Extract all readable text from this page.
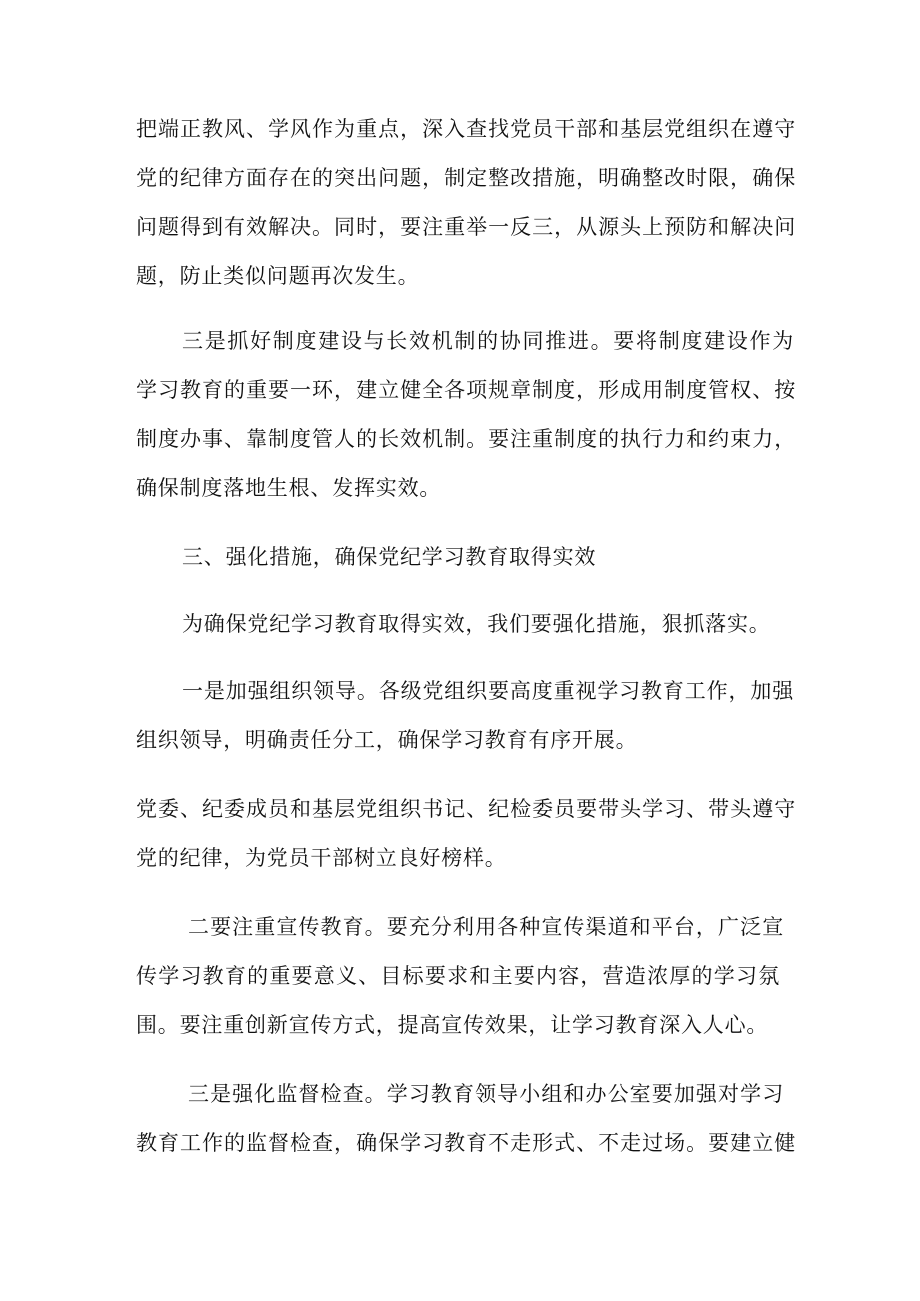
把端正教风、学风作为重点，深入查找党员干部和基层党组织在遵守
党的纪律方面存在的突出问题，制定整改措施，明确整改时限，确保
问题得到有效解决。同时，要注重举一反三，从源头上预防和解决问
题，防止类似问题再次发生。
三是抓好制度建设与长效机制的协同推进。要将制度建设作为
学习教育的重要一环，建立健全各项规章制度，形成用制度管权、按
制度办事、靠制度管人的长效机制。要注重制度的执行力和约束力，
确保制度落地生根、发挥实效。
三、强化措施，确保党纪学习教育取得实效
为确保党纪学习教育取得实效，我们要强化措施，狠抓落实。
一是加强组织领导。各级党组织要高度重视学习教育工作，加强
组织领导，明确责任分工，确保学习教育有序开展。
党委、纪委成员和基层党组织书记、纪检委员要带头学习、带头遵守
党的纪律，为党员干部树立良好榜样。
二要注重宣传教育。要充分利用各种宣传渠道和平台，广泛宣
传学习教育的重要意义、目标要求和主要内容，营造浓厚的学习氛
围。要注重创新宣传方式，提高宣传效果，让学习教育深入人心。
三是强化监督检查。学习教育领导小组和办公室要加强对学习
教育工作的监督检查，确保学习教育不走形式、不走过场。要建立健
